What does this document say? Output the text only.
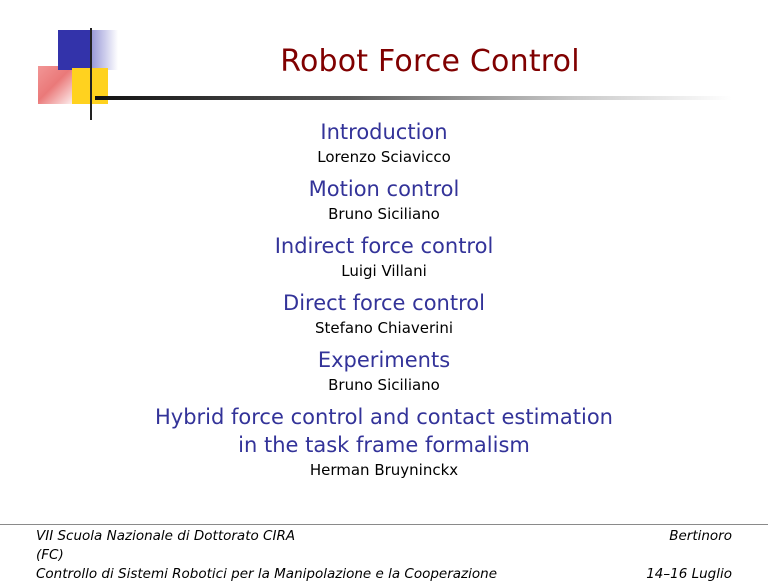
Robot Force Control
Introduction
Lorenzo Sciavicco
Motion control
Bruno Siciliano
Indirect force control
Luigi Villani
Direct force control
Stefano Chiaverini
Experiments
Bruno Siciliano
Hybrid force control and contact estimation
in the task frame formalism
Herman Bruyninckx
VII Scuola Nazionale di Dottorato CIRA	Bertinoro
(FC)
Controllo di Sistemi Robotici per la Manipolazione e la Cooperazione	14–16 Luglio
